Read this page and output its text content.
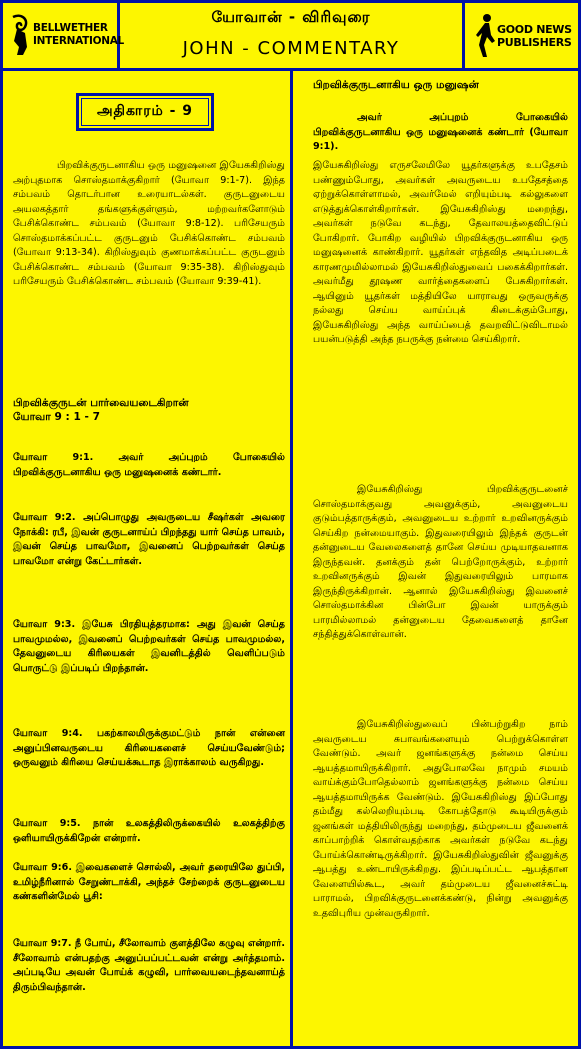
BELLWETHER
INTERNATIONAL
யோவான் - விரிவுரை
JOHN - COMMENTARY
GOOD NEWS
PUBLISHERS
அதிகாரம் - 9

பிறவிக்குருடனாகிய ஒரு மனுஷனை இயேசுகிறிஸ்து அற்புதமாக சொஸ்தமாக்குகிறார் (யோவா 9:1-7). இந்த சம்பவம் தொடர்பான உரையாடல்கள். குருடனுடைய அயலகத்தார் தங்களுக்குள்ளும், மற்றவர்களோடும் பேசிக்கொண்ட சம்பவம் (யோவா 9:8-12). பரிசேயரும் சொஸ்தமாக்கப்பட்ட குருடனும் பேசிக்கொண்ட சம்பவம் (யோவா 9:13-34). கிறிஸ்துவும் குணமாக்கப்பட்ட குருடனும் பேசிக்கொண்ட சம்பவம் (யோவா 9:35-38). கிறிஸ்துவும் பரிசேயரும் பேசிக்கொண்ட சம்பவம் (யோவா 9:39-41).

பிறவிக்குருடன் பார்வையடைகிறான்
யோவா 9 : 1 - 7

யோவா 9:1. அவர் அப்புறம் போகையில் பிறவிக்குருடனாகிய ஒரு மனுஷனைக் கண்டார்.

யோவா 9:2. அப்பொழுது அவருடைய சீஷர்கள் அவரை நோக்கி: ரபீ, இவன் குருடனாய்ப் பிறந்தது யார் செய்த பாவம், இவன் செய்த பாவமோ, இவனைப் பெற்றவர்கள் செய்த பாவமோ என்று கேட்டார்கள்.

யோவா 9:3. இயேசு பிரதியுத்தரமாக: அது இவன் செய்த பாவமுமல்ல, இவனைப் பெற்றவர்கள் செய்த பாவமுமல்ல, தேவனுடைய கிரியைகள் இவனிடத்தில் வெளிப்படும் பொருட்டு இப்படிப் பிறந்தான்.

யோவா 9:4. பகற்காலமிருக்குமட்டும் நான் என்னை அனுப்பினவருடைய கிரியைகளைச் செய்யவேண்டும்; ஒருவனும் கிரியை செய்யக்கூடாத இராக்காலம் வருகிறது.

யோவா 9:5. நான் உலகத்திலிருக்கையில் உலகத்திற்கு ஒளியாயிருக்கிறேன் என்றார்.

யோவா 9:6. இவைகளைச் சொல்லி, அவர் தரையிலே துப்பி, உமிழ்நீரினால் சேறுண்டாக்கி, அந்தச் சேற்றைக் குருடனுடைய கண்களின்மேல் பூசி:

யோவா 9:7. நீ போய், சீலோவாம் குளத்திலே கழுவு என்றார். சீலோவாம் என்பதற்கு அனுப்பப்பட்டவன் என்று அர்த்தமாம். அப்படியே அவன் போய்க் கழுவி, பார்வையடைந்தவனாய்த் திரும்பிவந்தான்.

பிறவிக்குருடனாகிய ஒரு மனுஷன்

அவர் அப்புறம் போகையில் பிறவிக்குருடனாகிய ஒரு மனுஷனைக் கண்டார் (யோவா 9:1).

இயேசுகிறிஸ்து எருசலேமிலே யூதர்களுக்கு உபதேசம் பண்ணும்போது, அவர்கள் அவருடைய உபதேசத்தை ஏற்றுக்கொள்ளாமல், அவர்மேல் எறியும்படி கல்லுகளை எடுத்துக்கொள்கிறார்கள். இயேசுகிறிஸ்து மறைந்து, அவர்கள் நடுவே கடந்து, தேவாலயத்தைவிட்டுப் போகிறார். போகிற வழியில் பிறவிக்குருடனாகிய ஒரு மனுஷனைக் காண்கிறார். யூதர்கள் எந்தவித அடிப்படைக் காரணமுமில்லாமல் இயேசுகிறிஸ்துவைப் பகைக்கிறார்கள். அவர்மீது தூஷண வார்த்தைகளைப் பேசுகிறார்கள். ஆயினும் யூதர்கள் மத்தியிலே யாராவது ஒருவருக்கு நல்லது செய்ய வாய்ப்புக் கிடைக்கும்போது, இயேசுகிறிஸ்து அந்த வாய்ப்பைத் தவறவிட்டுவிடாமல் பயன்படுத்தி அந்த நபருக்கு நன்மை செய்கிறார்.

இயேசுகிறிஸ்து பிறவிக்குருடனைச் சொஸ்தமாக்குவது அவனுக்கும், அவனுடைய குடும்பத்தாருக்கும், அவனுடைய உற்றார் உறவினருக்கும் செய்கிற நன்மையாகும். இதுவரையிலும் இந்தக் குருடன் தன்னுடைய வேலைகளைத் தானே செய்ய முடியாதவனாக இருந்தவன். தனக்கும் தன் பெற்றோருக்கும், உற்றார் உறவினருக்கும் இவன் இதுவரையிலும் பாரமாக இருந்திருக்கிறான். ஆனால் இயேசுகிறிஸ்து இவனைச் சொஸ்தமாக்கின பின்போ இவன் யாருக்கும் பாரமில்லாமல் தன்னுடைய தேவைகளைத் தானே சந்தித்துக்கொள்வான்.

இயேசுகிறிஸ்துவைப் பின்பற்றுகிற நாம் அவருடைய சுபாவங்களையும் பெற்றுக்கொள்ள வேண்டும். அவர் ஜனங்களுக்கு நன்மை செய்ய ஆயத்தமாயிருக்கிறார். அதுபோலவே நாமும் சமயம் வாய்க்கும்போதெல்லாம் ஜனங்களுக்கு நன்மை செய்ய ஆயத்தமாயிருக்க வேண்டும். இயேசுகிறிஸ்து இப்போது தம்மீது கல்லெறியும்படி கோபத்தோடு கூடியிருக்கும் ஜனங்கள் மத்தியிலிருந்து மறைந்து, தம்முடைய ஜீவனைக் காப்பாற்றிக் கொள்வதற்காக அவர்கள் நடுவே கடந்து போய்க்கொண்டிருக்கிறார். இயேசுகிறிஸ்துவின் ஜீவனுக்கு ஆபத்து உண்டாயிருக்கிறது. இப்படிப்பட்ட ஆபத்தான வேளையில்கூட, அவர் தம்முடைய ஜீவனைச்சுட்டி பாராமல், பிறவிக்குருடனைக்கண்டு, நின்று அவனுக்கு உதவிபுரிய முன்வருகிறார்.
